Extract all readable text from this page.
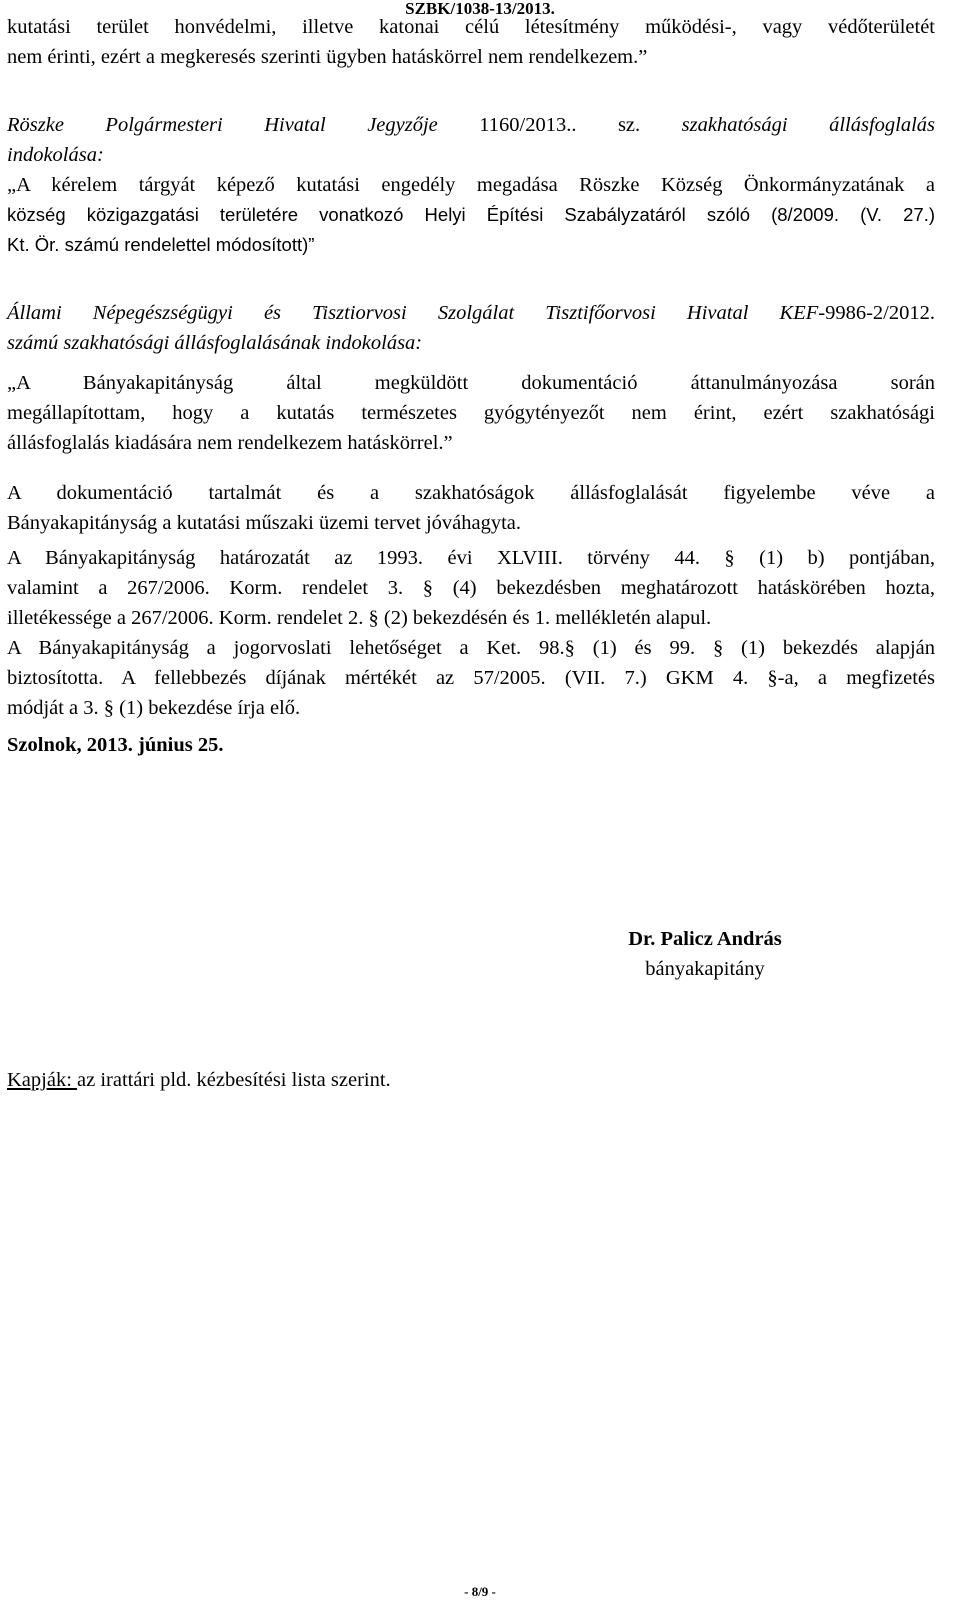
SZBK/1038-13/2013.
kutatási terület honvédelmi, illetve katonai célú létesítmény működési-, vagy védőterületét
nem érinti, ezért a megkeresés szerinti ügyben hatáskörrel nem rendelkezem.”
Röszke Polgármesteri Hivatal Jegyzője 1160/2013.. sz. szakhatósági állásfoglalás
indokolása:
„A kérelem tárgyát képező kutatási engedély megadása Röszke Község Önkormányzatának a
község közigazgatási területére vonatkozó Helyi Építési Szabályzatáról szóló (8/2009. (V. 27.)
Kt. Ör. számú rendelettel módosított)”
Állami Népegészségügyi és Tisztiorvosi Szolgálat Tisztifőorvosi Hivatal KEF-9986-2/2012.
számú szakhatósági állásfoglalásának indokolása:
„A Bányakapitányság által megküldött dokumentáció áttanulmányozása során
megállapítottam, hogy a kutatás természetes gyógytényezőt nem érint, ezért szakhatósági
állásfoglalás kiadására nem rendelkezem hatáskörrel.”
A dokumentáció tartalmát és a szakhatóságok állásfoglalását figyelembe véve a
Bányakapitányság a kutatási műszaki üzemi tervet jóváhagyta.
A Bányakapitányság határozatát az 1993. évi XLVIII. törvény 44. § (1) b) pontjában,
valamint a 267/2006. Korm. rendelet 3. § (4) bekezdésben meghatározott hatáskörében hozta,
illetékessége a 267/2006. Korm. rendelet 2. § (2) bekezdésén és 1. mellékletén alapul.
A Bányakapitányság a jogorvoslati lehetőséget a Ket. 98.§ (1) és 99. § (1) bekezdés alapján
biztosította. A fellebbezés díjának mértékét az 57/2005. (VII. 7.) GKM 4. §-a, a megfizetés
módját a 3. § (1) bekezdése írja elő.
Szolnok, 2013. június 25.
Dr. Palicz András
bányakapitány
Kapják: az irattári pld. kézbesítési lista szerint.
- 8/9 -
